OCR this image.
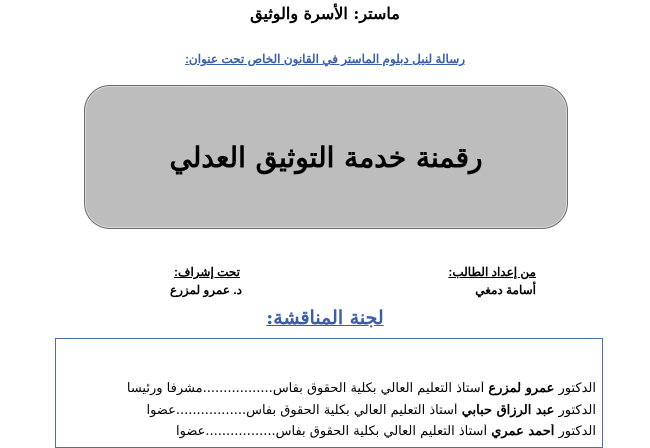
ماستر: الأسرة والوثيق
رسالة لنيل دبلوم الماستر في القانون الخاص تحت عنوان:
رقمنة خدمة التوثيق العدلي
من إعداد الطالب:
أسامة دمغي
تحت إشراف:
د. عمرو لمزرع
لجنة المناقشة:
الدكتور عمرو لمزرع أستاذ التعليم العالي بكلية الحقوق بفاس.................مشرفا ورئيسا
الدكتور عبد الرزاق حبابي أستاذ التعليم العالي بكلية الحقوق بفاس.................عضوا
الدكتور أحمد عمري أستاذ التعليم العالي بكلية الحقوق بفاس.................عضوا
